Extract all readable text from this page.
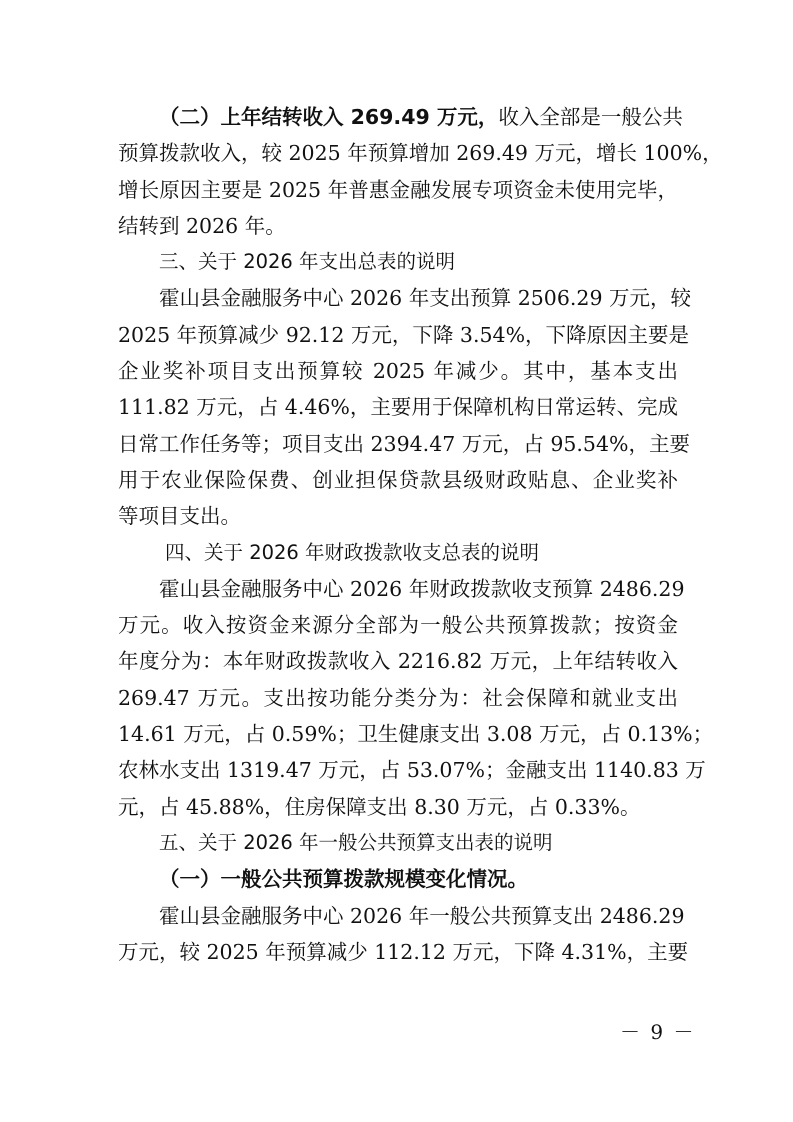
（二）上年结转收入 269.49 万元，收入全部是一般公共
预算拨款收入，较 2025 年预算增加 269.49 万元，增长 100%，
增长原因主要是 2025 年普惠金融发展专项资金未使用完毕，
结转到 2026 年。
三、关于 2026 年支出总表的说明
霍山县金融服务中心 2026 年支出预算 2506.29 万元，较
2025 年预算减少 92.12 万元，下降 3.54%，下降原因主要是
企业奖补项目支出预算较 2025 年减少。其中，基本支出
111.82 万元，占 4.46%，主要用于保障机构日常运转、完成
日常工作任务等；项目支出 2394.47 万元，占 95.54%，主要
用于农业保险保费、创业担保贷款县级财政贴息、企业奖补
等项目支出。
四、关于 2026 年财政拨款收支总表的说明
霍山县金融服务中心 2026 年财政拨款收支预算 2486.29
万元。收入按资金来源分全部为一般公共预算拨款；按资金
年度分为：本年财政拨款收入 2216.82 万元，上年结转收入
269.47 万元。支出按功能分类分为：社会保障和就业支出
14.61 万元，占 0.59%；卫生健康支出 3.08 万元，占 0.13%；
农林水支出 1319.47 万元，占 53.07%；金融支出 1140.83 万
元，占 45.88%，住房保障支出 8.30 万元，占 0.33%。
五、关于 2026 年一般公共预算支出表的说明
（一）一般公共预算拨款规模变化情况。
霍山县金融服务中心 2026 年一般公共预算支出 2486.29
万元，较 2025 年预算减少 112.12 万元，下降 4.31%，主要
－ 9 －
